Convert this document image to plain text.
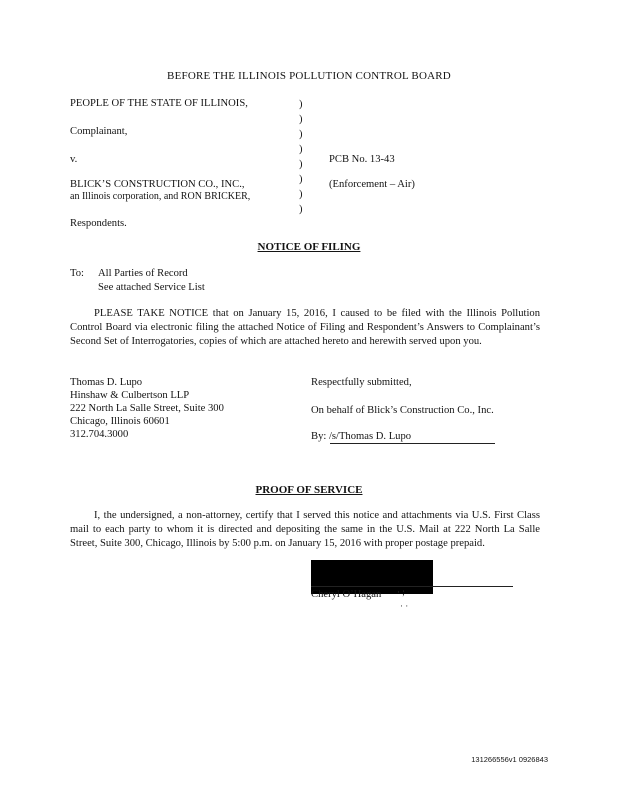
BEFORE THE ILLINOIS POLLUTION CONTROL BOARD
PEOPLE OF THE STATE OF ILLINOIS,
Complainant,
v.
BLICK’S CONSTRUCTION CO., INC.,
an Illinois corporation, and RON BRICKER,
Respondents.
)
)
)
)
)
)
)
)
PCB No. 13-43
(Enforcement – Air)
NOTICE OF FILING
To: All Parties of Record
See attached Service List
PLEASE TAKE NOTICE that on January 15, 2016, I caused to be filed with the Illinois Pollution Control Board via electronic filing the attached Notice of Filing and Respondent’s Answers to Complainant’s Second Set of Interrogatories, copies of which are attached hereto and herewith served upon you.
Thomas D. Lupo
Hinshaw & Culbertson LLP
222 North La Salle Street, Suite 300
Chicago, Illinois 60601
312.704.3000
Respectfully submitted,
On behalf of Blick’s Construction Co., Inc.
By: /s/Thomas D. Lupo
PROOF OF SERVICE
I, the undersigned, a non-attorney, certify that I served this notice and attachments via U.S. First Class mail to each party to whom it is directed and depositing the same in the U.S. Mail at 222 North La Salle Street, Suite 300, Chicago, Illinois by 5:00 p.m. on January 15, 2016 with proper postage prepaid.
Cheryl O’Hagan · ;
· ·
131266556v1 0926843
